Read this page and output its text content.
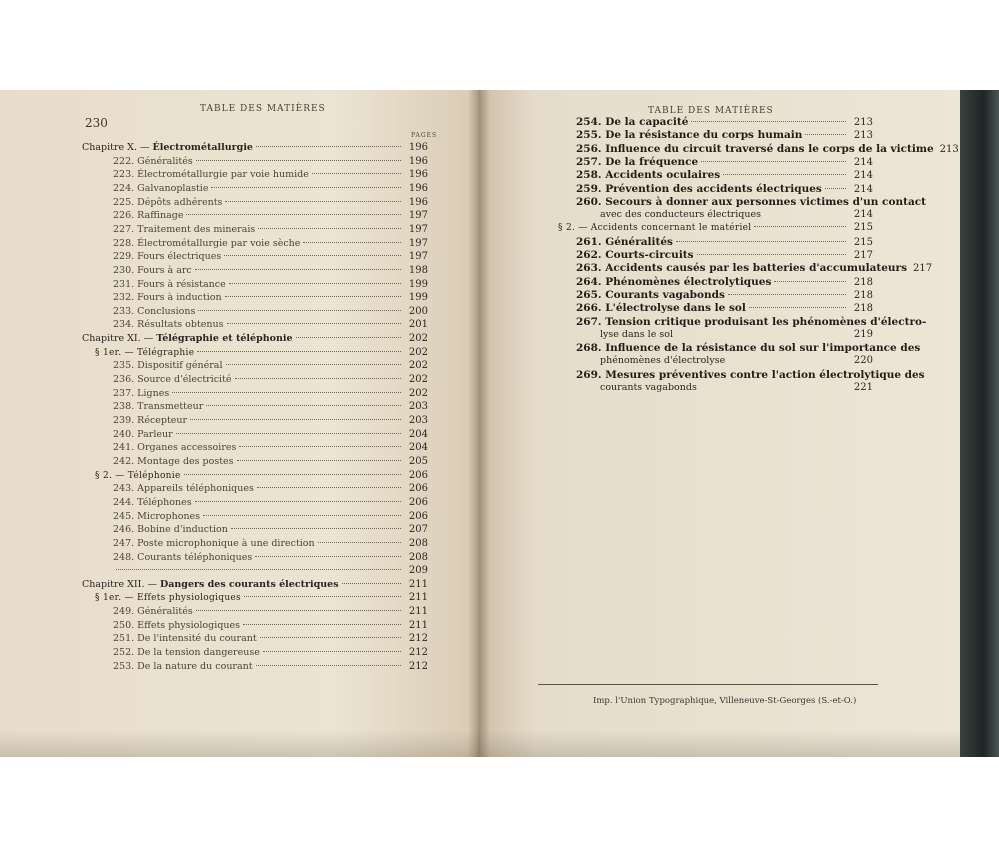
230
TABLE DES MATIÈRES
PAGES
Chapitre X. — Électrométallurgie	196
222. Généralités	196
223. Électrométallurgie par voie humide	196
224. Galvanoplastie	196
225. Dépôts adhérents	196
226. Raffinage	197
227. Traitement des minerais	197
228. Électrométallurgie par voie sèche	197
229. Fours électriques	197
230. Fours à arc	198
231. Fours à résistance	199
232. Fours à induction	199
233. Conclusions	200
234. Résultats obtenus	201
Chapitre XI. — Télégraphie et téléphonie	202
§ 1er. — Télégraphie	202
235. Dispositif général	202
236. Source d'électricité	202
237. Lignes	202
238. Transmetteur	203
239. Récepteur	203
240. Parleur	204
241. Organes accessoires	204
242. Montage des postes	205
§ 2. — Téléphonie	206
243. Appareils téléphoniques	206
244. Téléphones	206
245. Microphones	206
246. Bobine d'induction	207
247. Poste microphonique à une direction	208
248. Courants téléphoniques	208
209
Chapitre XII. — Dangers des courants électriques	211
§ 1er. — Effets physiologiques	211
249. Généralités	211
250. Effets physiologiques	211
251. De l'intensité du courant	212
252. De la tension dangereuse	212
253. De la nature du courant	212
TABLE DES MATIÈRES
254. De la capacité	213
255. De la résistance du corps humain	213
256. Influence du circuit traversé dans le corps de la victime 213
257. De la fréquence	214
258. Accidents oculaires	214
259. Prévention des accidents électriques	214
260. Secours à donner aux personnes victimes d'un contact
avec des conducteurs électriques	214
§ 2. — Accidents concernant le matériel	215
261. Généralités	215
262. Courts-circuits	217
263. Accidents causés par les batteries d'accumulateurs 217
264. Phénomènes électrolytiques	218
265. Courants vagabonds	218
266. L'électrolyse dans le sol	218
267. Tension critique produisant les phénomènes d'électro-
lyse dans le sol	219
268. Influence de la résistance du sol sur l'importance des
phénomènes d'électrolyse	220
269. Mesures préventives contre l'action électrolytique des
courants vagabonds	221
Imp. l'Union Typographique, Villeneuve-St-Georges (S.-et-O.)
